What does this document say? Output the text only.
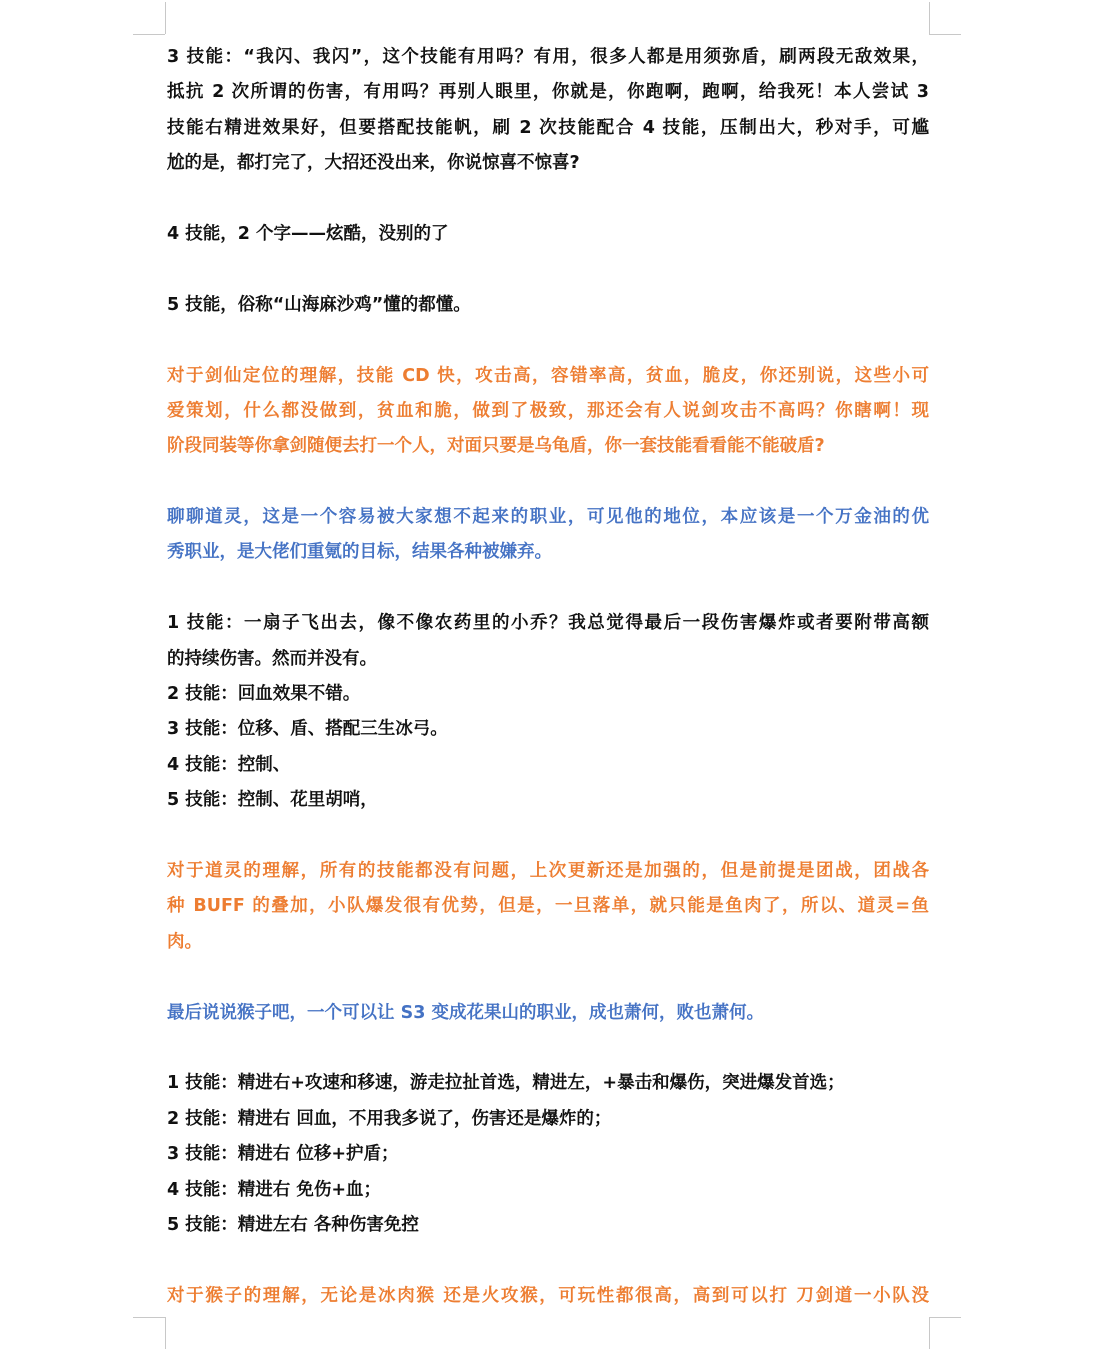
3 技能：“我闪、我闪”，这个技能有用吗？有用，很多人都是用须弥盾，刷两段无敌效果，
抵抗 2 次所谓的伤害，有用吗？再别人眼里，你就是，你跑啊，跑啊，给我死！本人尝试 3
技能右精进效果好，但要搭配技能帆，刷 2 次技能配合 4 技能，压制出大，秒对手，可尴
尬的是，都打完了，大招还没出来，你说惊喜不惊喜?

4 技能，2 个字——炫酷，没别的了

5 技能，俗称“山海麻沙鸡”懂的都懂。

对于剑仙定位的理解，技能 CD 快，攻击高，容错率高，贫血，脆皮，你还别说，这些小可
爱策划，什么都没做到，贫血和脆，做到了极致，那还会有人说剑攻击不高吗？你瞎啊！现
阶段同装等你拿剑随便去打一个人，对面只要是乌龟盾，你一套技能看看能不能破盾?

聊聊道灵，这是一个容易被大家想不起来的职业，可见他的地位，本应该是一个万金油的优
秀职业，是大佬们重氪的目标，结果各种被嫌弃。

1 技能：一扇子飞出去，像不像农药里的小乔？我总觉得最后一段伤害爆炸或者要附带高额
的持续伤害。然而并没有。
2 技能：回血效果不错。
3 技能：位移、盾、搭配三生冰弓。
4 技能：控制、
5 技能：控制、花里胡哨，

对于道灵的理解，所有的技能都没有问题，上次更新还是加强的，但是前提是团战，团战各
种 BUFF 的叠加，小队爆发很有优势，但是，一旦落单，就只能是鱼肉了，所以、道灵=鱼
肉。

最后说说猴子吧，一个可以让 S3 变成花果山的职业，成也萧何，败也萧何。

1 技能：精进右+攻速和移速，游走拉扯首选，精进左，+暴击和爆伤，突进爆发首选；
2 技能：精进右 回血，不用我多说了，伤害还是爆炸的；
3 技能：精进右 位移+护盾；
4 技能：精进右 免伤+血；
5 技能：精进左右 各种伤害免控

对于猴子的理解，无论是冰肉猴 还是火攻猴，可玩性都很高，高到可以打 刀剑道一小队没
